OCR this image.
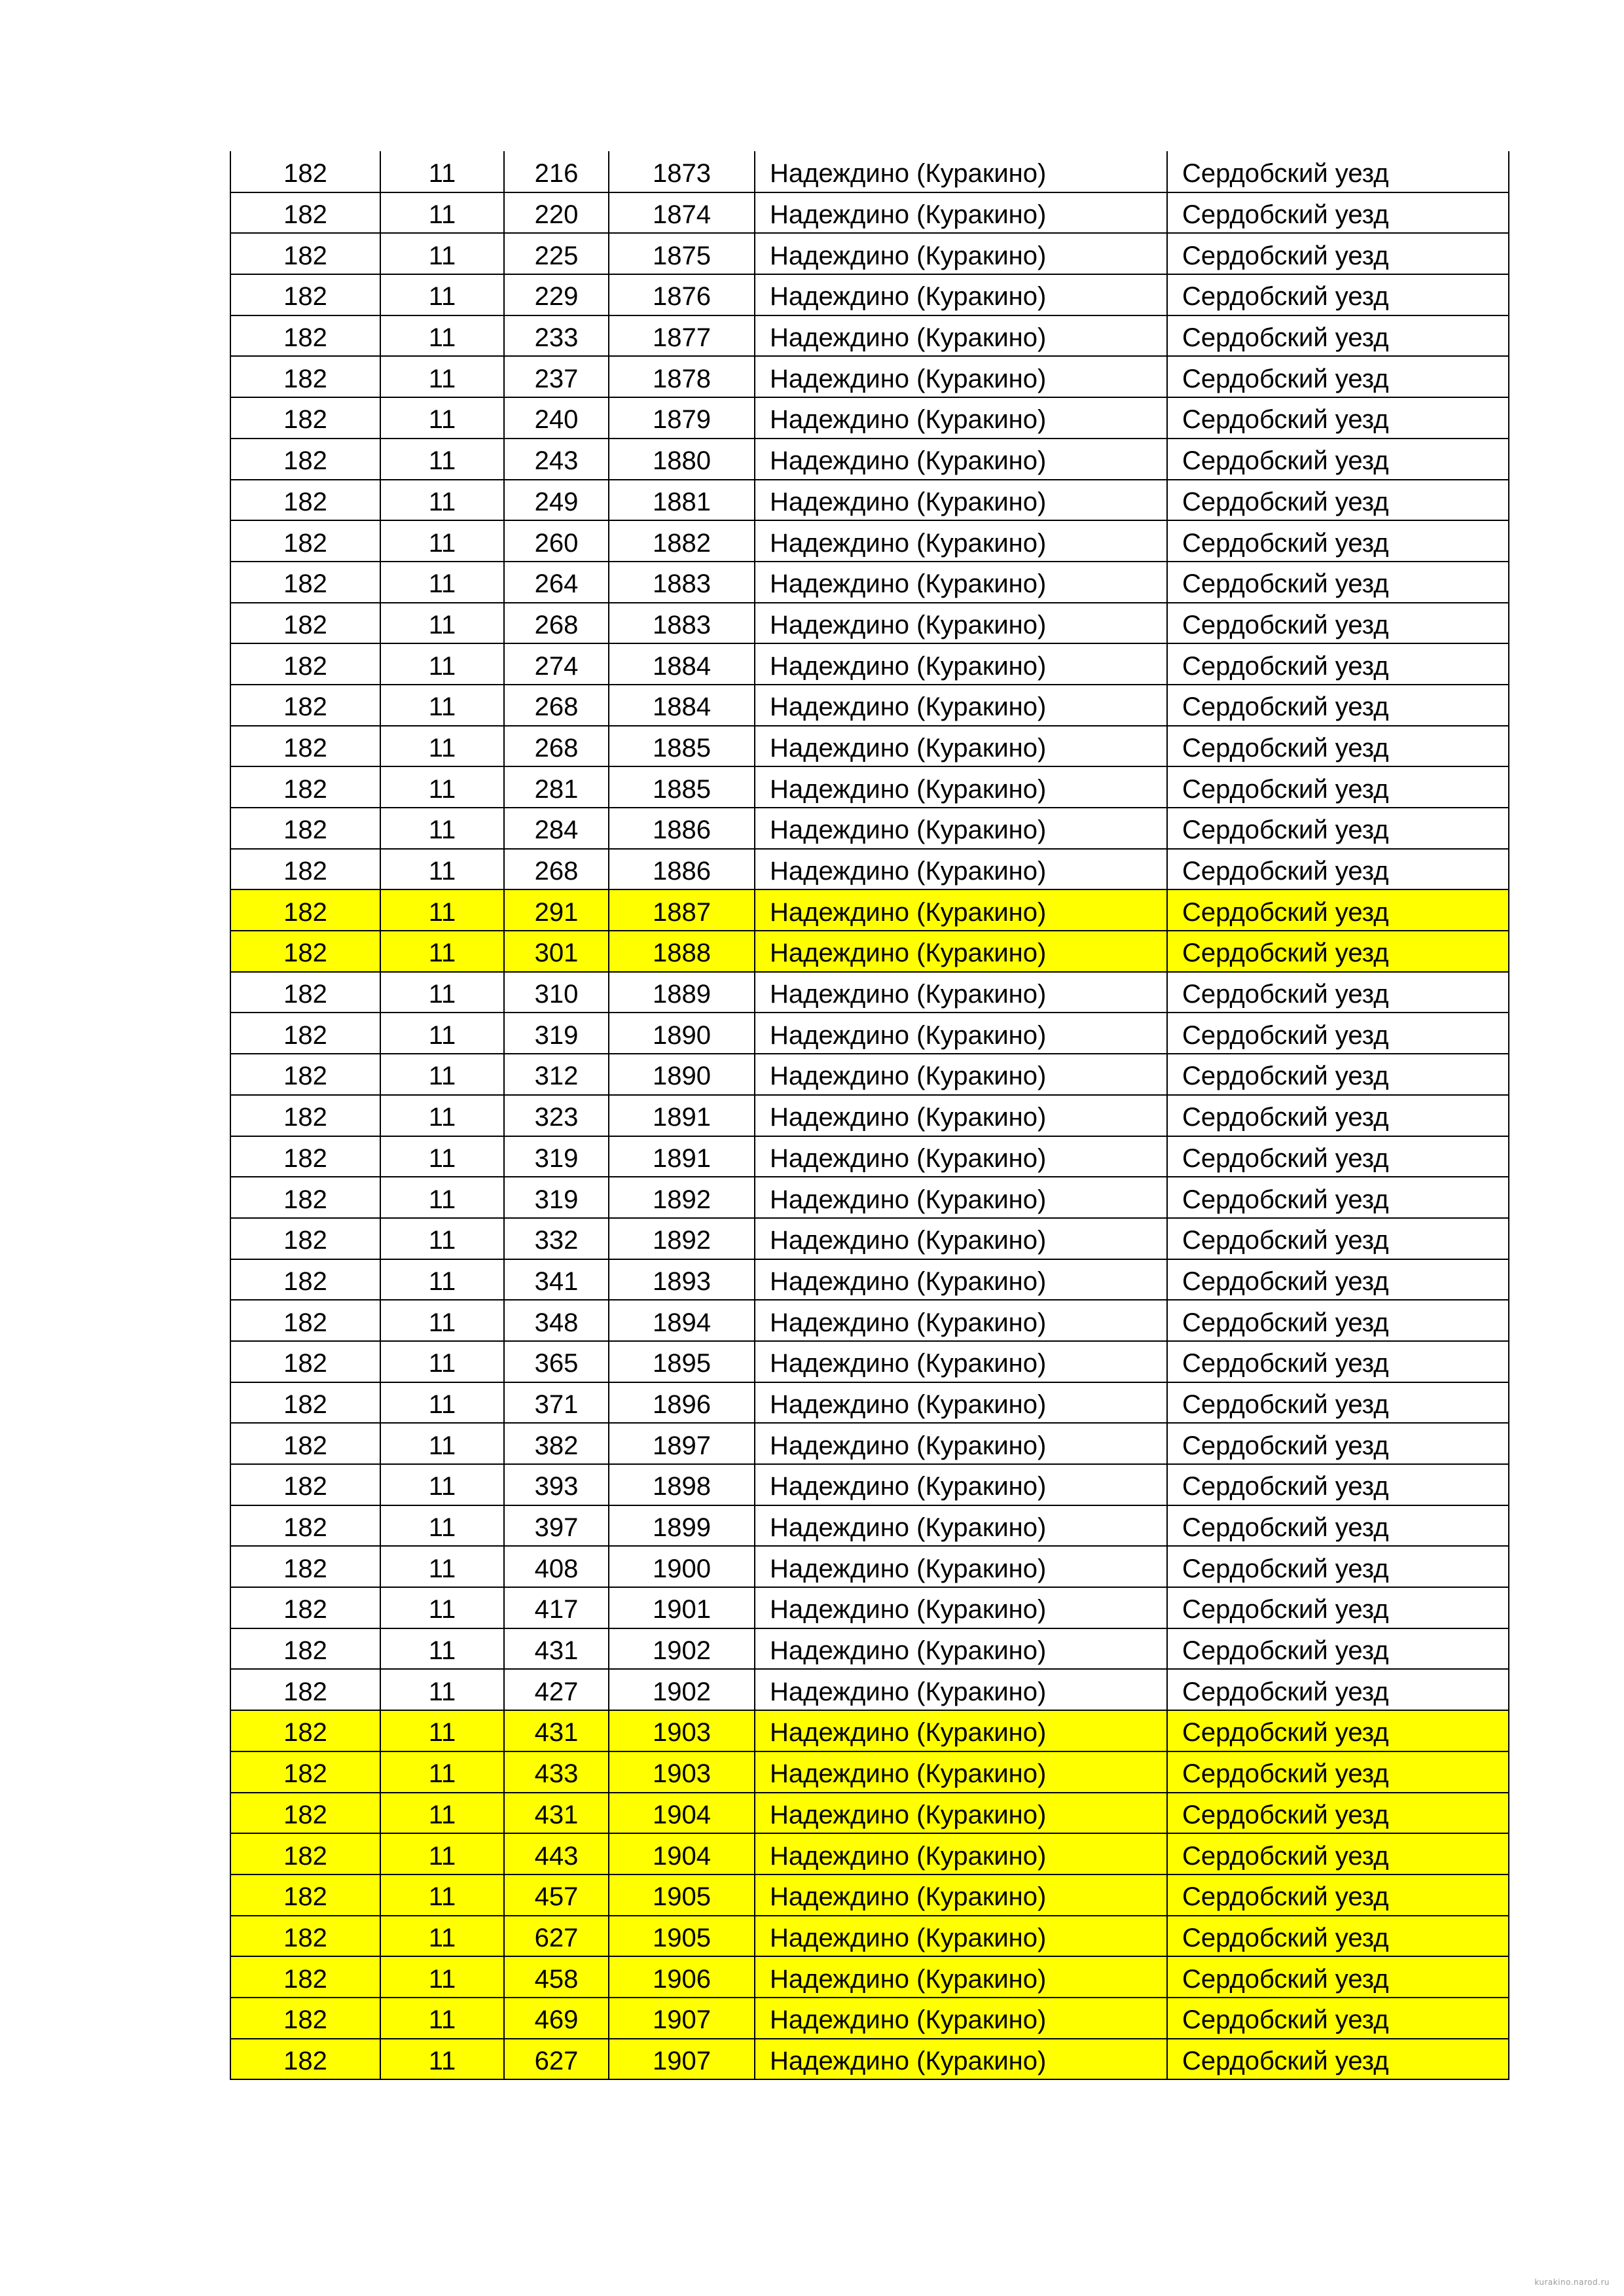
182	11	216	1873	Надеждино (Куракино)	Сердобский уезд
182	11	220	1874	Надеждино (Куракино)	Сердобский уезд
182	11	225	1875	Надеждино (Куракино)	Сердобский уезд
182	11	229	1876	Надеждино (Куракино)	Сердобский уезд
182	11	233	1877	Надеждино (Куракино)	Сердобский уезд
182	11	237	1878	Надеждино (Куракино)	Сердобский уезд
182	11	240	1879	Надеждино (Куракино)	Сердобский уезд
182	11	243	1880	Надеждино (Куракино)	Сердобский уезд
182	11	249	1881	Надеждино (Куракино)	Сердобский уезд
182	11	260	1882	Надеждино (Куракино)	Сердобский уезд
182	11	264	1883	Надеждино (Куракино)	Сердобский уезд
182	11	268	1883	Надеждино (Куракино)	Сердобский уезд
182	11	274	1884	Надеждино (Куракино)	Сердобский уезд
182	11	268	1884	Надеждино (Куракино)	Сердобский уезд
182	11	268	1885	Надеждино (Куракино)	Сердобский уезд
182	11	281	1885	Надеждино (Куракино)	Сердобский уезд
182	11	284	1886	Надеждино (Куракино)	Сердобский уезд
182	11	268	1886	Надеждино (Куракино)	Сердобский уезд
182	11	291	1887	Надеждино (Куракино)	Сердобский уезд
182	11	301	1888	Надеждино (Куракино)	Сердобский уезд
182	11	310	1889	Надеждино (Куракино)	Сердобский уезд
182	11	319	1890	Надеждино (Куракино)	Сердобский уезд
182	11	312	1890	Надеждино (Куракино)	Сердобский уезд
182	11	323	1891	Надеждино (Куракино)	Сердобский уезд
182	11	319	1891	Надеждино (Куракино)	Сердобский уезд
182	11	319	1892	Надеждино (Куракино)	Сердобский уезд
182	11	332	1892	Надеждино (Куракино)	Сердобский уезд
182	11	341	1893	Надеждино (Куракино)	Сердобский уезд
182	11	348	1894	Надеждино (Куракино)	Сердобский уезд
182	11	365	1895	Надеждино (Куракино)	Сердобский уезд
182	11	371	1896	Надеждино (Куракино)	Сердобский уезд
182	11	382	1897	Надеждино (Куракино)	Сердобский уезд
182	11	393	1898	Надеждино (Куракино)	Сердобский уезд
182	11	397	1899	Надеждино (Куракино)	Сердобский уезд
182	11	408	1900	Надеждино (Куракино)	Сердобский уезд
182	11	417	1901	Надеждино (Куракино)	Сердобский уезд
182	11	431	1902	Надеждино (Куракино)	Сердобский уезд
182	11	427	1902	Надеждино (Куракино)	Сердобский уезд
182	11	431	1903	Надеждино (Куракино)	Сердобский уезд
182	11	433	1903	Надеждино (Куракино)	Сердобский уезд
182	11	431	1904	Надеждино (Куракино)	Сердобский уезд
182	11	443	1904	Надеждино (Куракино)	Сердобский уезд
182	11	457	1905	Надеждино (Куракино)	Сердобский уезд
182	11	627	1905	Надеждино (Куракино)	Сердобский уезд
182	11	458	1906	Надеждино (Куракино)	Сердобский уезд
182	11	469	1907	Надеждино (Куракино)	Сердобский уезд
182	11	627	1907	Надеждино (Куракино)	Сердобский уезд
kurakino.narod.ru
